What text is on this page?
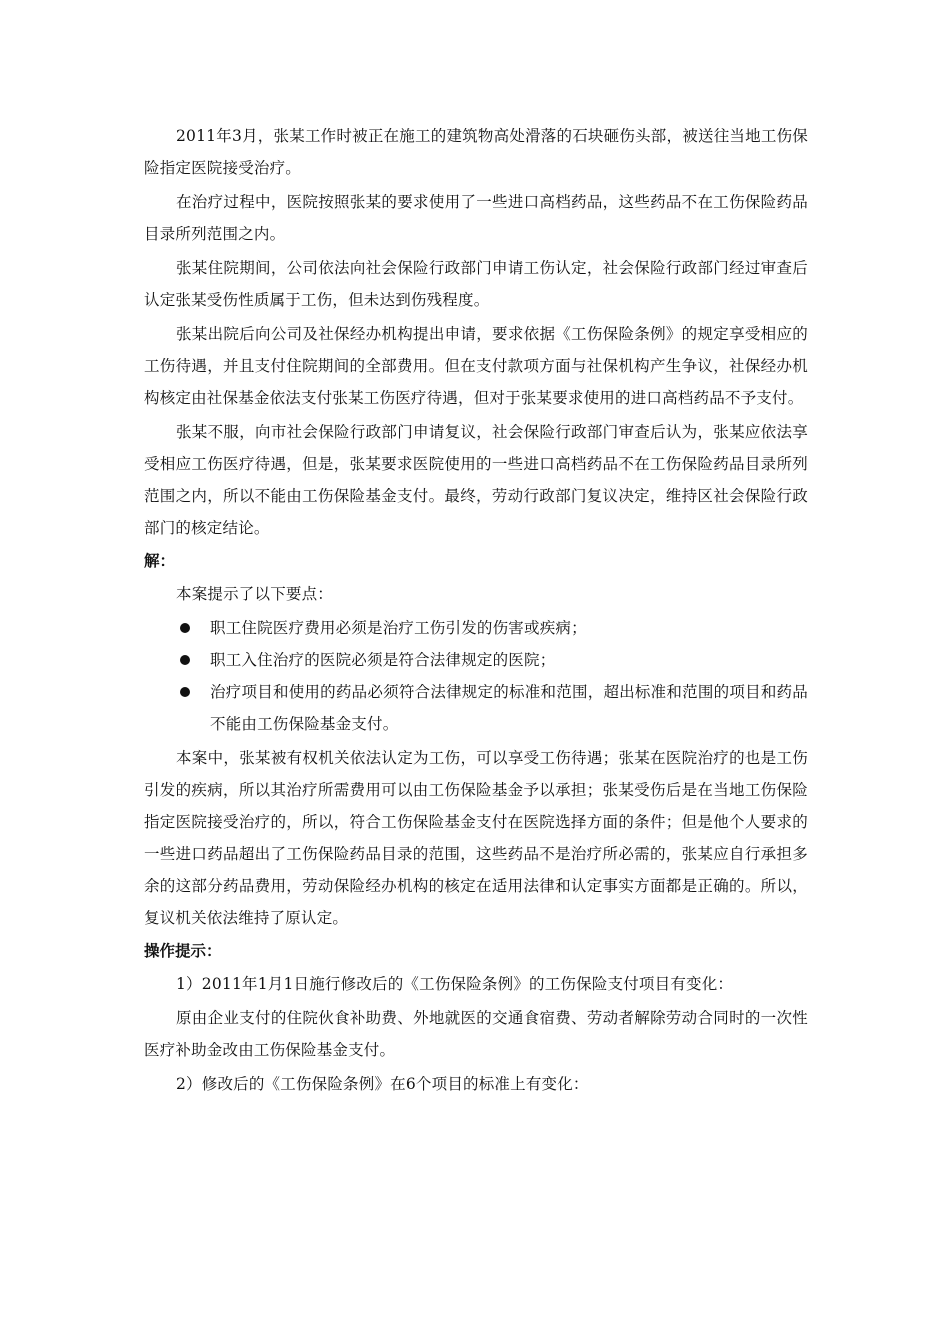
2011年3月，张某工作时被正在施工的建筑物高处滑落的石块砸伤头部，被送往当地工伤保险指定医院接受治疗。

在治疗过程中，医院按照张某的要求使用了一些进口高档药品，这些药品不在工伤保险药品目录所列范围之内。

张某住院期间，公司依法向社会保险行政部门申请工伤认定，社会保险行政部门经过审查后认定张某受伤性质属于工伤，但未达到伤残程度。

张某出院后向公司及社保经办机构提出申请，要求依据《工伤保险条例》的规定享受相应的工伤待遇，并且支付住院期间的全部费用。但在支付款项方面与社保机构产生争议，社保经办机构核定由社保基金依法支付张某工伤医疗待遇，但对于张某要求使用的进口高档药品不予支付。

张某不服，向市社会保险行政部门申请复议，社会保险行政部门审查后认为，张某应依法享受相应工伤医疗待遇，但是，张某要求医院使用的一些进口高档药品不在工伤保险药品目录所列范围之内，所以不能由工伤保险基金支付。最终，劳动行政部门复议决定，维持区社会保险行政部门的核定结论。

解：

本案提示了以下要点：

职工住院医疗费用必须是治疗工伤引发的伤害或疾病；
职工入住治疗的医院必须是符合法律规定的医院；
治疗项目和使用的药品必须符合法律规定的标准和范围，超出标准和范围的项目和药品不能由工伤保险基金支付。

本案中，张某被有权机关依法认定为工伤，可以享受工伤待遇；张某在医院治疗的也是工伤引发的疾病，所以其治疗所需费用可以由工伤保险基金予以承担；张某受伤后是在当地工伤保险指定医院接受治疗的，所以，符合工伤保险基金支付在医院选择方面的条件；但是他个人要求的一些进口药品超出了工伤保险药品目录的范围，这些药品不是治疗所必需的，张某应自行承担多余的这部分药品费用，劳动保险经办机构的核定在适用法律和认定事实方面都是正确的。所以，复议机关依法维持了原认定。

操作提示：

1）2011年1月1日施行修改后的《工伤保险条例》的工伤保险支付项目有变化：

原由企业支付的住院伙食补助费、外地就医的交通食宿费、劳动者解除劳动合同时的一次性医疗补助金改由工伤保险基金支付。

2）修改后的《工伤保险条例》在6个项目的标准上有变化：
